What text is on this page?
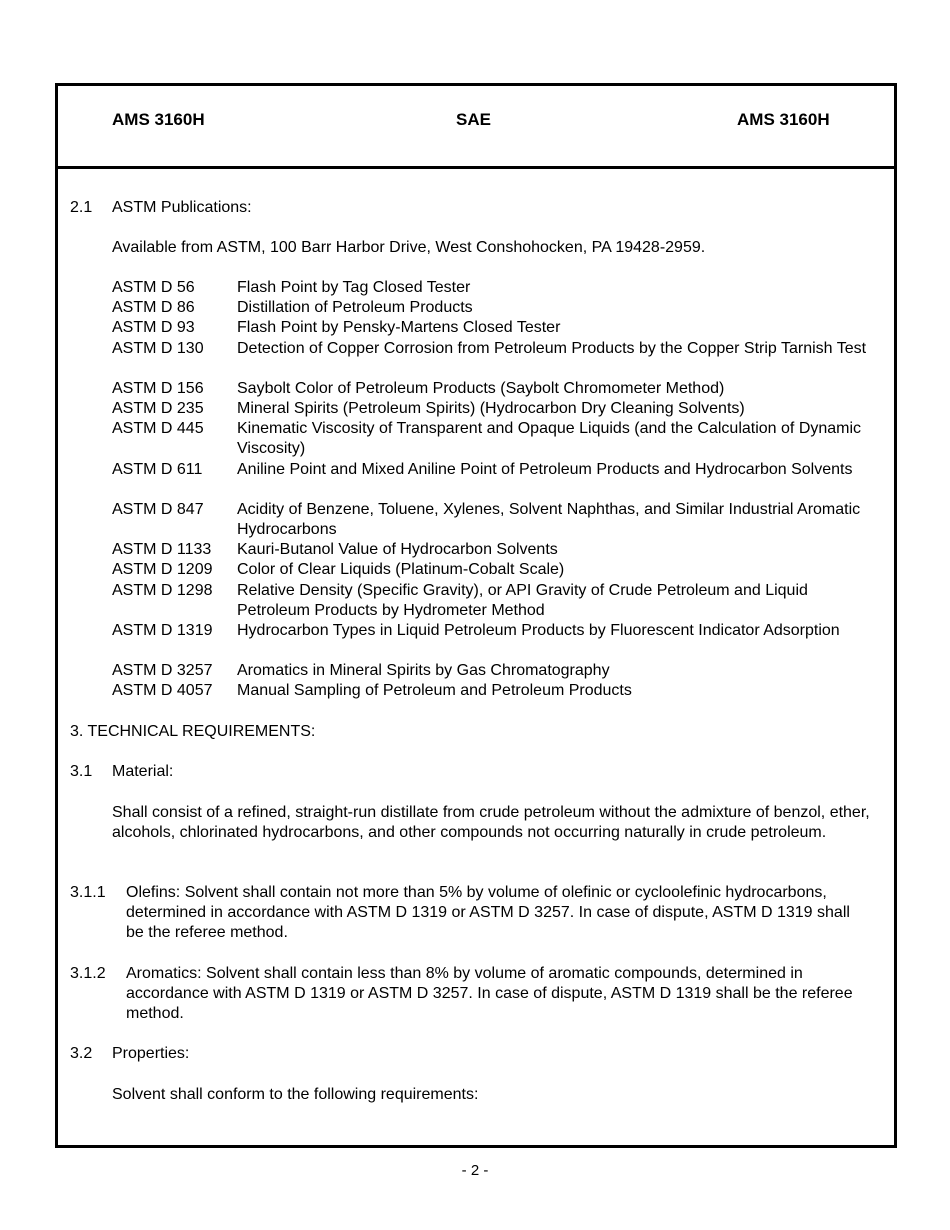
AMS 3160H	SAE	AMS 3160H
2.1 ASTM Publications:
Available from ASTM, 100 Barr Harbor Drive, West Conshohocken, PA 19428-2959.
ASTM D 56	Flash Point by Tag Closed Tester
ASTM D 86	Distillation of Petroleum Products
ASTM D 93	Flash Point by Pensky-Martens Closed Tester
ASTM D 130 Detection of Copper Corrosion from Petroleum Products by the Copper Strip Tarnish Test
ASTM D 156 Saybolt Color of Petroleum Products (Saybolt Chromometer Method)
ASTM D 235 Mineral Spirits (Petroleum Spirits) (Hydrocarbon Dry Cleaning Solvents)
ASTM D 445 Kinematic Viscosity of Transparent and Opaque Liquids (and the Calculation of Dynamic Viscosity)
ASTM D 611 Aniline Point and Mixed Aniline Point of Petroleum Products and Hydrocarbon Solvents
ASTM D 847 Acidity of Benzene, Toluene, Xylenes, Solvent Naphthas, and Similar Industrial Aromatic Hydrocarbons
ASTM D 1133 Kauri-Butanol Value of Hydrocarbon Solvents
ASTM D 1209 Color of Clear Liquids (Platinum-Cobalt Scale)
ASTM D 1298 Relative Density (Specific Gravity), or API Gravity of Crude Petroleum and Liquid Petroleum Products by Hydrometer Method
ASTM D 1319 Hydrocarbon Types in Liquid Petroleum Products by Fluorescent Indicator Adsorption
ASTM D 3257 Aromatics in Mineral Spirits by Gas Chromatography
ASTM D 4057 Manual Sampling of Petroleum and Petroleum Products
3. TECHNICAL REQUIREMENTS:
3.1 Material:
Shall consist of a refined, straight-run distillate from crude petroleum without the admixture of benzol, ether, alcohols, chlorinated hydrocarbons, and other compounds not occurring naturally in crude petroleum.
3.1.1 Olefins: Solvent shall contain not more than 5% by volume of olefinic or cycloolefinic hydrocarbons, determined in accordance with ASTM D 1319 or ASTM D 3257. In case of dispute, ASTM D 1319 shall be the referee method.
3.1.2 Aromatics: Solvent shall contain less than 8% by volume of aromatic compounds, determined in accordance with ASTM D 1319 or ASTM D 3257. In case of dispute, ASTM D 1319 shall be the referee method.
3.2 Properties:
Solvent shall conform to the following requirements:
- 2 -
